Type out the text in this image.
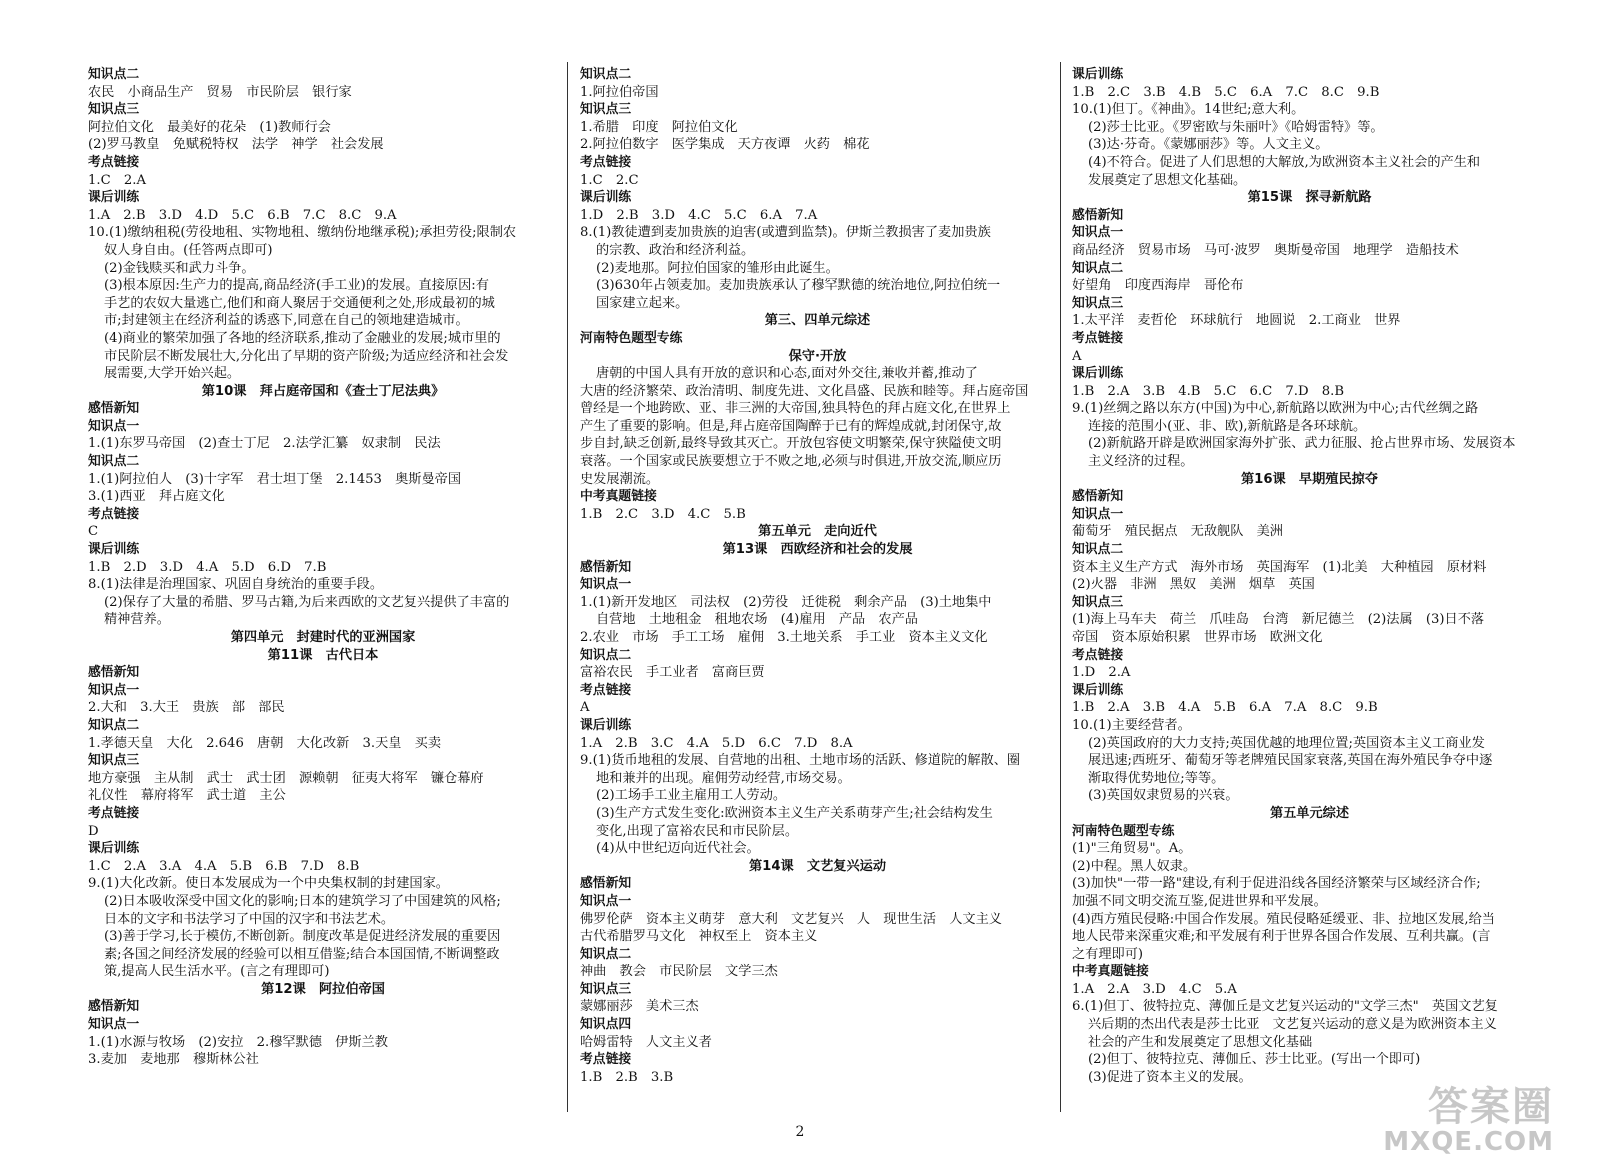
知识点二
农民　小商品生产　贸易　市民阶层　银行家
知识点三
阿拉伯文化　最美好的花朵　(1)教师行会
(2)罗马教皇　免赋税特权　法学　神学　社会发展
考点链接
1.C　2.A
课后训练
1.A　2.B　3.D　4.D　5.C　6.B　7.C　8.C　9.A
10.(1)缴纳租税(劳役地租、实物地租、缴纳份地继承税);承担劳役;限制农
奴人身自由。(任答两点即可)
(2)金钱赎买和武力斗争。
(3)根本原因:生产力的提高,商品经济(手工业)的发展。直接原因:有
手艺的农奴大量逃亡,他们和商人聚居于交通便利之处,形成最初的城
市;封建领主在经济利益的诱惑下,同意在自己的领地建造城市。
(4)商业的繁荣加强了各地的经济联系,推动了金融业的发展;城市里的
市民阶层不断发展壮大,分化出了早期的资产阶级;为适应经济和社会发
展需要,大学开始兴起。
第10课　拜占庭帝国和《查士丁尼法典》
感悟新知
知识点一
1.(1)东罗马帝国　(2)查士丁尼　2.法学汇纂　奴隶制　民法
知识点二
1.(1)阿拉伯人　(3)十字军　君士坦丁堡　2.1453　奥斯曼帝国
3.(1)西亚　拜占庭文化
考点链接
C
课后训练
1.B　2.D　3.D　4.A　5.D　6.D　7.B
8.(1)法律是治理国家、巩固自身统治的重要手段。
(2)保存了大量的希腊、罗马古籍,为后来西欧的文艺复兴提供了丰富的
精神营养。
第四单元　封建时代的亚洲国家
第11课　古代日本
感悟新知
知识点一
2.大和　3.大王　贵族　部　部民
知识点二
1.孝德天皇　大化　2.646　唐朝　大化改新　3.天皇　买卖
知识点三
地方豪强　主从制　武士　武士团　源赖朝　征夷大将军　镰仓幕府
礼仪性　幕府将军　武士道　主公
考点链接
D
课后训练
1.C　2.A　3.A　4.A　5.B　6.B　7.D　8.B
9.(1)大化改新。使日本发展成为一个中央集权制的封建国家。
(2)日本吸收深受中国文化的影响;日本的建筑学习了中国建筑的风格;
日本的文字和书法学习了中国的汉字和书法艺术。
(3)善于学习,长于模仿,不断创新。制度改革是促进经济发展的重要因
素;各国之间经济发展的经验可以相互借鉴;结合本国国情,不断调整政
策,提高人民生活水平。(言之有理即可)
第12课　阿拉伯帝国
感悟新知
知识点一
1.(1)水源与牧场　(2)安拉　2.穆罕默德　伊斯兰教
3.麦加　麦地那　穆斯林公社
知识点二
1.阿拉伯帝国
知识点三
1.希腊　印度　阿拉伯文化
2.阿拉伯数字　医学集成　天方夜谭　火药　棉花
考点链接
1.C　2.C
课后训练
1.D　2.B　3.D　4.C　5.C　6.A　7.A
8.(1)教徒遭到麦加贵族的迫害(或遭到监禁)。伊斯兰教损害了麦加贵族
的宗教、政治和经济利益。
(2)麦地那。阿拉伯国家的雏形由此诞生。
(3)630年占领麦加。麦加贵族承认了穆罕默德的统治地位,阿拉伯统一
国家建立起来。
第三、四单元综述
河南特色题型专练
保守·开放
唐朝的中国人具有开放的意识和心态,面对外交往,兼收并蓄,推动了
大唐的经济繁荣、政治清明、制度先进、文化昌盛、民族和睦等。拜占庭帝国
曾经是一个地跨欧、亚、非三洲的大帝国,独具特色的拜占庭文化,在世界上
产生了重要的影响。但是,拜占庭帝国陶醉于已有的辉煌成就,封闭保守,故
步自封,缺乏创新,最终导致其灭亡。开放包容使文明繁荣,保守狭隘使文明
衰落。一个国家或民族要想立于不败之地,必须与时俱进,开放交流,顺应历
史发展潮流。
中考真题链接
1.B　2.C　3.D　4.C　5.B
第五单元　走向近代
第13课　西欧经济和社会的发展
感悟新知
知识点一
1.(1)新开发地区　司法权　(2)劳役　迁徙税　剩余产品　(3)土地集中
自营地　土地租金　租地农场　(4)雇用　产品　农产品
2.农业　市场　手工工场　雇佣　3.土地关系　手工业　资本主义文化
知识点二
富裕农民　手工业者　富商巨贾
考点链接
A
课后训练
1.A　2.B　3.C　4.A　5.D　6.C　7.D　8.A
9.(1)货币地租的发展、自营地的出租、土地市场的活跃、修道院的解散、圈
地和兼并的出现。雇佣劳动经营,市场交易。
(2)工场手工业主雇用工人劳动。
(3)生产方式发生变化:欧洲资本主义生产关系萌芽产生;社会结构发生
变化,出现了富裕农民和市民阶层。
(4)从中世纪迈向近代社会。
第14课　文艺复兴运动
感悟新知
知识点一
佛罗伦萨　资本主义萌芽　意大利　文艺复兴　人　现世生活　人文主义
古代希腊罗马文化　神权至上　资本主义
知识点二
神曲　教会　市民阶层　文学三杰
知识点三
蒙娜丽莎　美术三杰
知识点四
哈姆雷特　人文主义者
考点链接
1.B　2.B　3.B
课后训练
1.B　2.C　3.B　4.B　5.C　6.A　7.C　8.C　9.B
10.(1)但丁。《神曲》。14世纪;意大利。
(2)莎士比亚。《罗密欧与朱丽叶》《哈姆雷特》等。
(3)达·芬奇。《蒙娜丽莎》等。人文主义。
(4)不符合。促进了人们思想的大解放,为欧洲资本主义社会的产生和
发展奠定了思想文化基础。
第15课　探寻新航路
感悟新知
知识点一
商品经济　贸易市场　马可·波罗　奥斯曼帝国　地理学　造船技术
知识点二
好望角　印度西海岸　哥伦布
知识点三
1.太平洋　麦哲伦　环球航行　地圆说　2.工商业　世界
考点链接
A
课后训练
1.B　2.A　3.B　4.B　5.C　6.C　7.D　8.B
9.(1)丝绸之路以东方(中国)为中心,新航路以欧洲为中心;古代丝绸之路
连接的范围小(亚、非、欧),新航路是各环球航。
(2)新航路开辟是欧洲国家海外扩张、武力征服、抢占世界市场、发展资本
主义经济的过程。
第16课　早期殖民掠夺
感悟新知
知识点一
葡萄牙　殖民据点　无敌舰队　美洲
知识点二
资本主义生产方式　海外市场　英国海军　(1)北美　大种植园　原材料
(2)火器　非洲　黑奴　美洲　烟草　英国
知识点三
(1)海上马车夫　荷兰　爪哇岛　台湾　新尼德兰　(2)法属　(3)日不落
帝国　资本原始积累　世界市场　欧洲文化
考点链接
1.D　2.A
课后训练
1.B　2.A　3.B　4.A　5.B　6.A　7.A　8.C　9.B
10.(1)主要经营者。
(2)英国政府的大力支持;英国优越的地理位置;英国资本主义工商业发
展迅速;西班牙、葡萄牙等老牌殖民国家衰落,英国在海外殖民争夺中逐
渐取得优势地位;等等。
(3)英国奴隶贸易的兴衰。
第五单元综述
河南特色题型专练
(1)"三角贸易"。A。
(2)中程。黑人奴隶。
(3)加快"一带一路"建设,有利于促进沿线各国经济繁荣与区域经济合作;
加强不同文明交流互鉴,促进世界和平发展。
(4)西方殖民侵略:中国合作发展。殖民侵略延缓亚、非、拉地区发展,给当
地人民带来深重灾难;和平发展有利于世界各国合作发展、互利共赢。(言
之有理即可)
中考真题链接
1.A　2.A　3.D　4.C　5.A
6.(1)但丁、彼特拉克、薄伽丘是文艺复兴运动的"文学三杰"　英国文艺复
兴后期的杰出代表是莎士比亚　文艺复兴运动的意义是为欧洲资本主义
社会的产生和发展奠定了思想文化基础
(2)但丁、彼特拉克、薄伽丘、莎士比亚。(写出一个即可)
(3)促进了资本主义的发展。
2
答案圈
MXQE.COM
